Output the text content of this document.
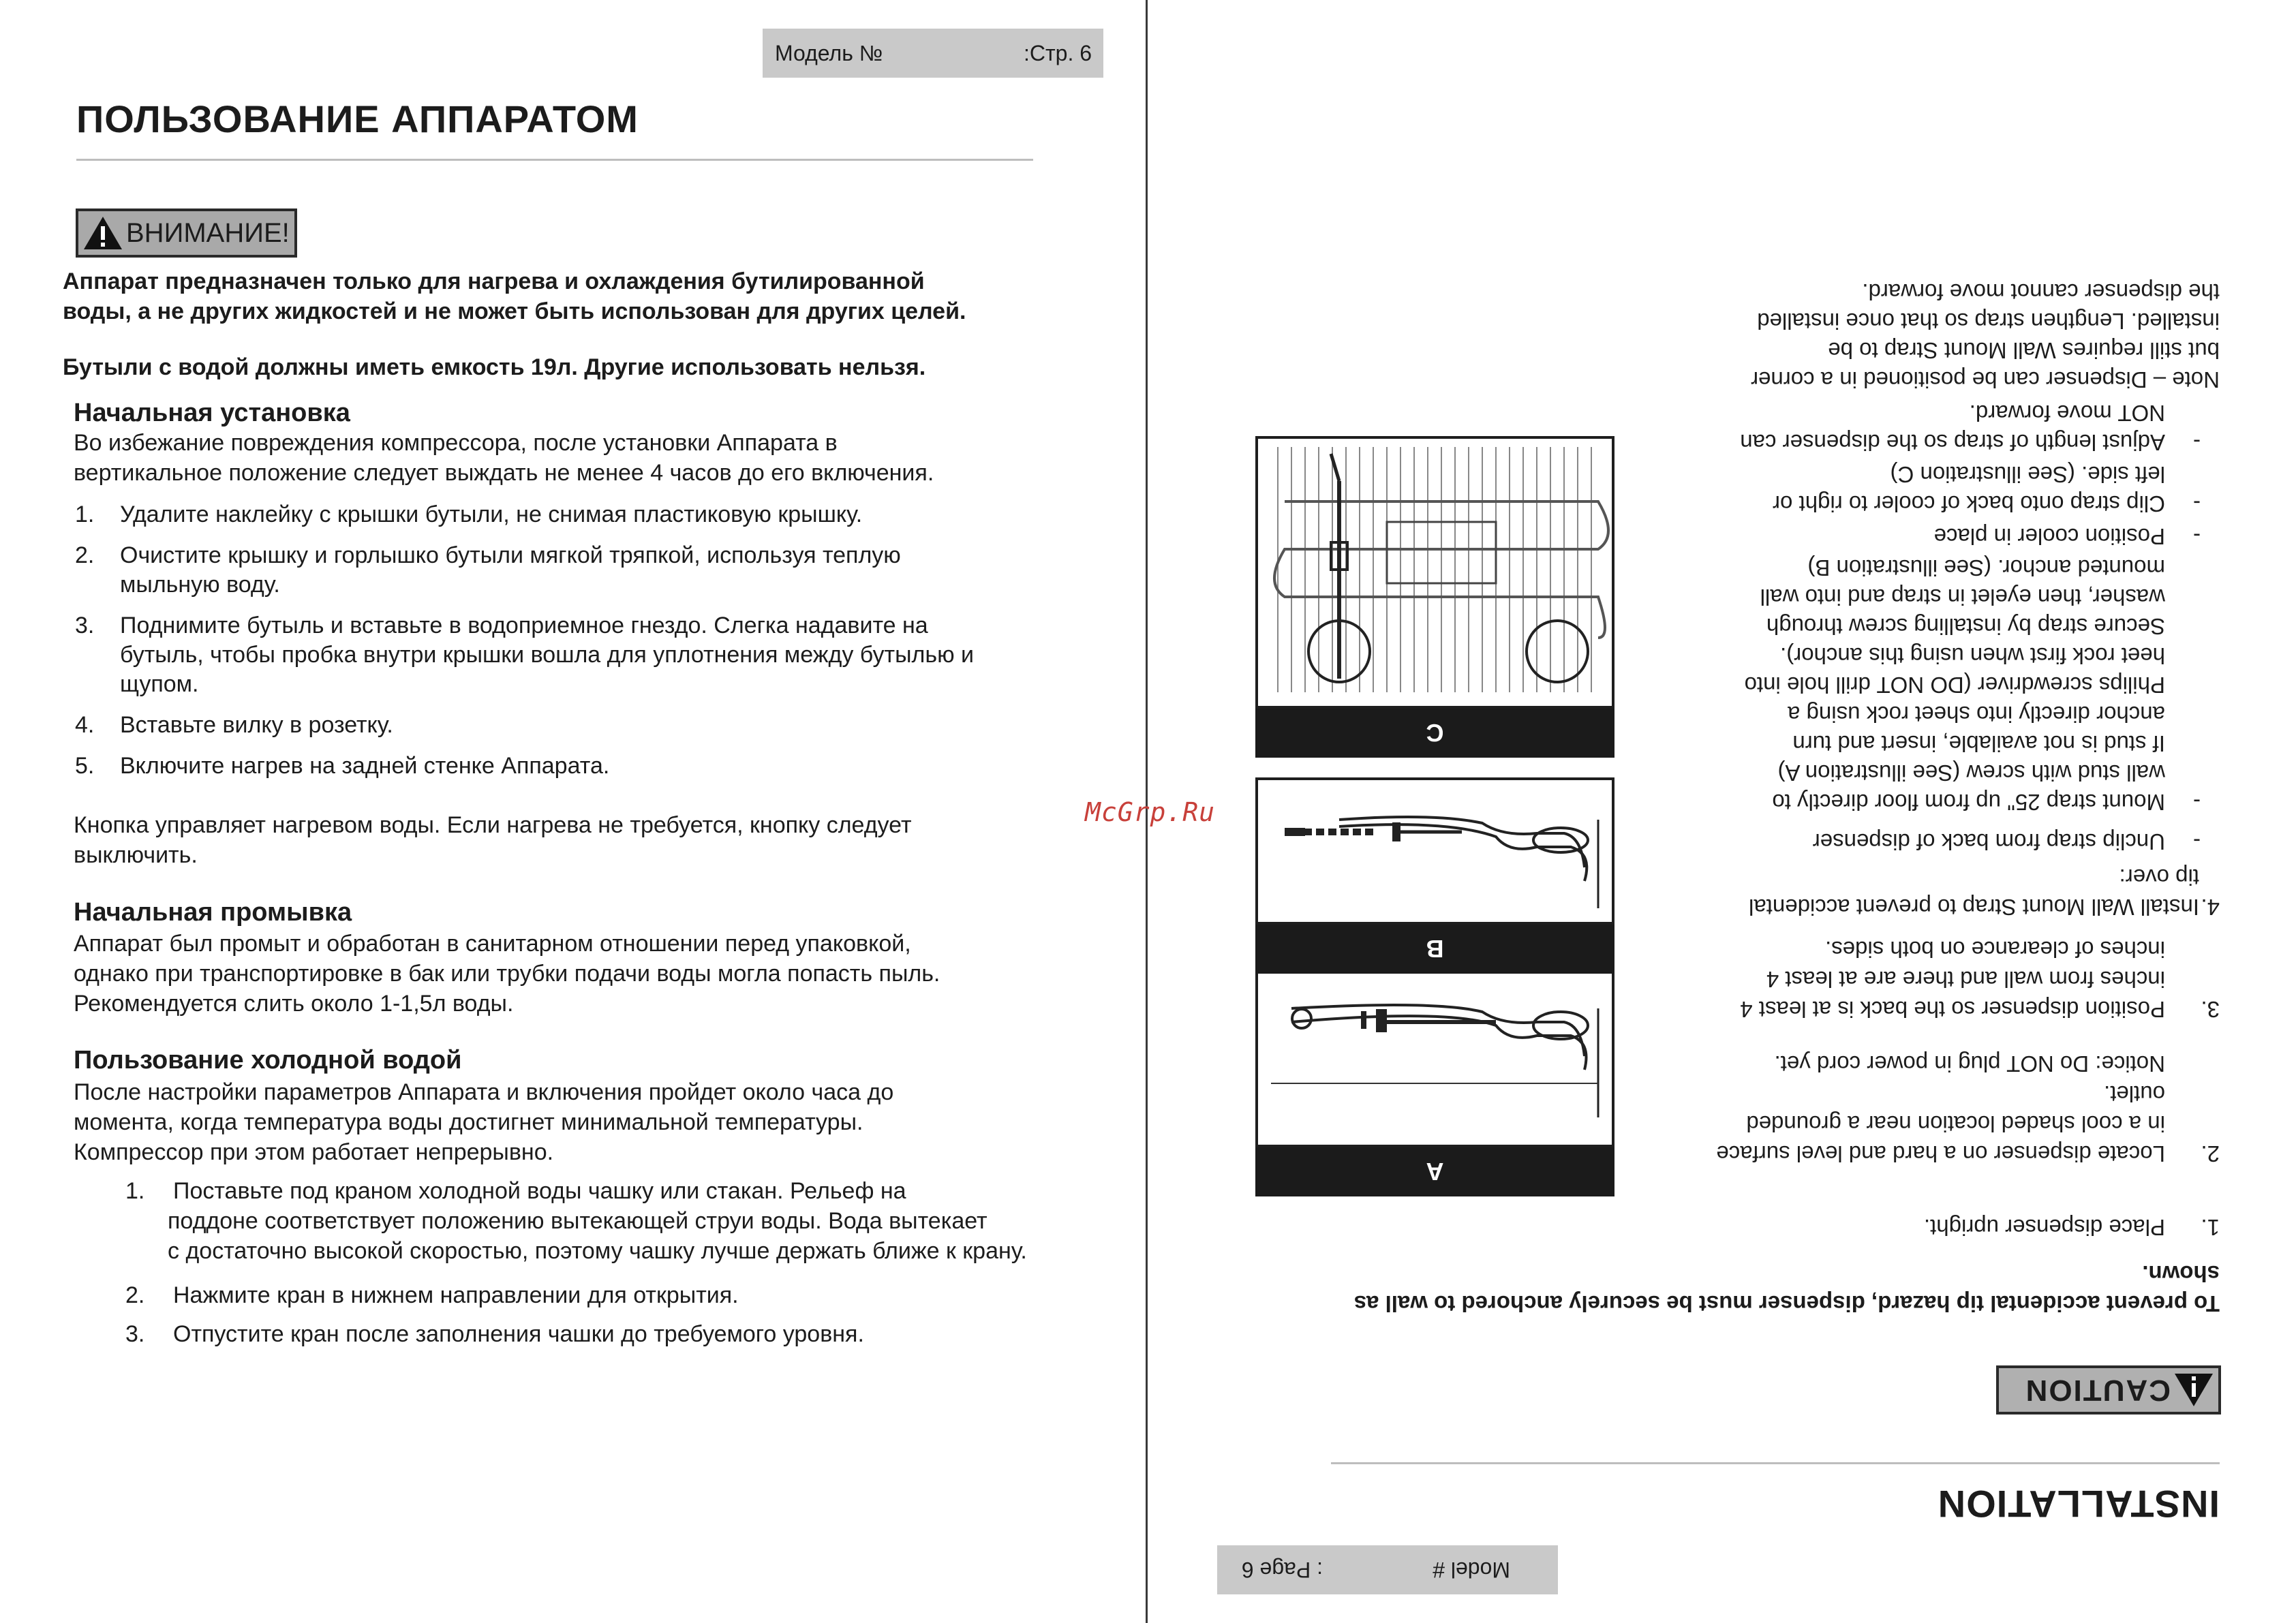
Модель №	:Стр. 6
ПОЛЬЗОВАНИЕ АППАРАТОМ
ВНИМАНИЕ!
Аппарат предназначен только для нагрева и охлаждения бутилированной
воды, а не других жидкостей и не может быть использован для других целей.
Бутыли с водой должны иметь емкость 19л. Другие использовать нельзя.
Начальная установка
Во избежание повреждения компрессора, после установки Аппарата в
вертикальное положение следует выждать не менее 4 часов до его включения.
1. Удалите наклейку с крышки бутыли, не снимая пластиковую крышку.
2. Очистите крышку и горлышко бутыли мягкой тряпкой, используя теплую
мыльную воду.
3. Поднимите бутыль и вставьте в водоприемное гнездо. Слегка надавите на
бутыль, чтобы пробка внутри крышки вошла для уплотнения между бутылью и
щупом.
4. Вставьте вилку в розетку.
5. Включите нагрев на задней стенке Аппарата.
Кнопка управляет нагревом воды. Если нагрева не требуется, кнопку следует
выключить.
Начальная промывка
Аппарат был промыт и обработан в санитарном отношении перед упаковкой,
однако при транспортировке в бак или трубки подачи воды могла попасть пыль.
Рекомендуется слить около 1-1,5л воды.
Пользование холодной водой
После настройки параметров Аппарата и включения пройдет около часа до
момента, когда температура воды достигнет минимальной температуры.
Компрессор при этом работает непрерывно.
1. Поставьте под краном холодной воды чашку или стакан. Рельеф на
поддоне соответствует положению вытекающей струи воды. Вода вытекает
с достаточно высокой скоростью, поэтому чашку лучше держать ближе к крану.
2. Нажмите кран в нижнем направлении для открытия.
3. Отпустите кран после заполнения чашки до требуемого уровня.
McGrp.Ru
Model #
: Page 6
INSTALLATION
CAUTION
To prevent accidental tip hazard, dispenser must be securely anchored to wall as
shown.
1.
Place dispenser upright.
2.
Locate dispenser on a hard and level surface
in a cool shaded location near a grounded
outlet.
Notice: Do NOT plug in power cord yet.
3.
Position dispenser so the back is at least 4
inches from wall and there are at least 4
inches of clearance on both sides.
4.
Install Wall Mount Strap to prevent accidental
tip over:
-
Unclip strap from back of dispenser
-
Mount strap 25" up from floor directly to
wall stud with screw (See illustration A)
If stud is not available, insert and turn
anchor directly into sheet rock using a
Philips screwdriver (DO NOT drill hole into
heet rock first when using this anchor).
Secure strap by installing screw through
washer, then eyelet in strap and into wall
mounted anchor. (See illustration B)
-
Position cooler in place
-
Clip strap onto back of cooler to right or
left side. (See illustration C)
-
Adjust length of strap so the dispenser can
NOT move forward.
Note – Dispenser can be positioned in a corner
but still requires Wall Mount Strap to be
installed. Lengthen strap so that once installed
the dispenser cannot move forward.
A
B
C
